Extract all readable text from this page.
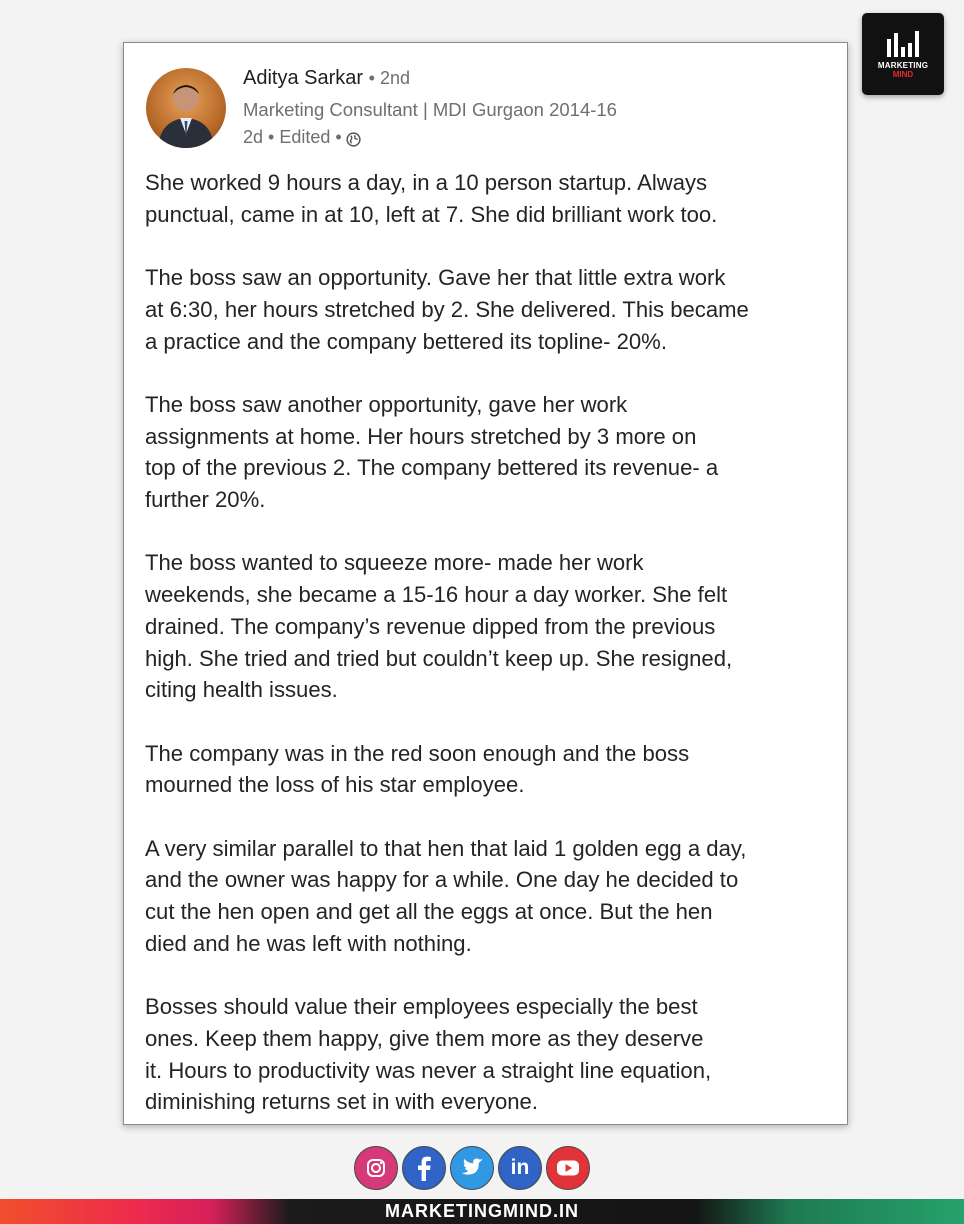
MARKETING
MIND
Aditya Sarkar • 2nd
Marketing Consultant | MDI Gurgaon 2014-16
2d • Edited •

She worked 9 hours a day, in a 10 person startup. Always
punctual, came in at 10, left at 7. She did brilliant work too.

The boss saw an opportunity. Gave her that little extra work
at 6:30, her hours stretched by 2. She delivered. This became
a practice and the company bettered its topline- 20%.

The boss saw another opportunity, gave her work
assignments at home. Her hours stretched by 3 more on
top of the previous 2. The company bettered its revenue- a
further 20%.

The boss wanted to squeeze more- made her work
weekends, she became a 15-16 hour a day worker. She felt
drained. The company’s revenue dipped from the previous
high. She tried and tried but couldn’t keep up. She resigned,
citing health issues.

The company was in the red soon enough and the boss
mourned the loss of his star employee.

A very similar parallel to that hen that laid 1 golden egg a day,
and the owner was happy for a while. One day he decided to
cut the hen open and get all the eggs at once. But the hen
died and he was left with nothing.

Bosses should value their employees especially the best
ones. Keep them happy, give them more as they deserve
it. Hours to productivity was never a straight line equation,
diminishing returns set in with everyone.

in
MARKETINGMIND.IN
